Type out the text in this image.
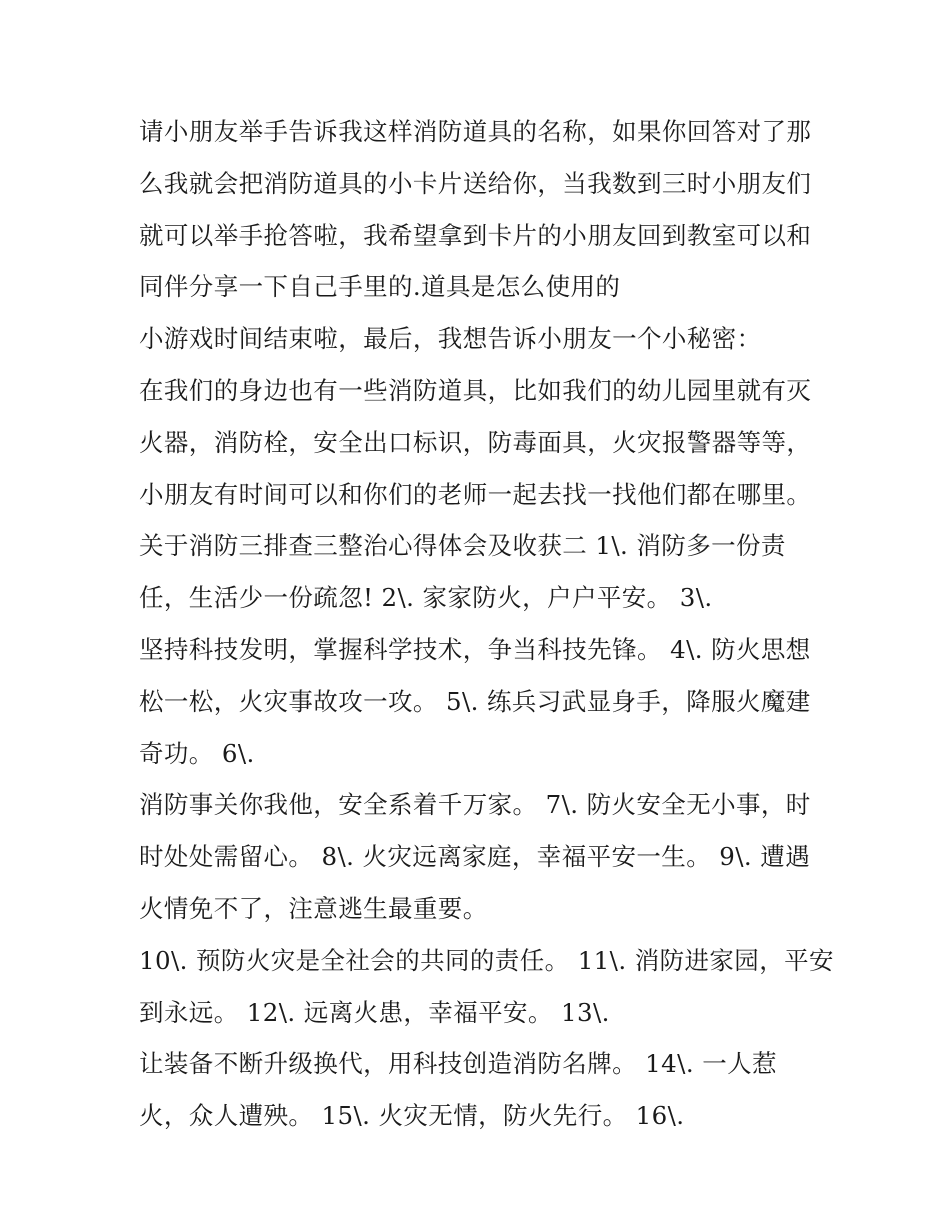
请小朋友举手告诉我这样消防道具的名称，如果你回答对了那
么我就会把消防道具的小卡片送给你，当我数到三时小朋友们
就可以举手抢答啦，我希望拿到卡片的小朋友回到教室可以和
同伴分享一下自己手里的.道具是怎么使用的
小游戏时间结束啦，最后，我想告诉小朋友一个小秘密：
在我们的身边也有一些消防道具，比如我们的幼儿园里就有灭
火器，消防栓，安全出口标识，防毒面具，火灾报警器等等，
小朋友有时间可以和你们的老师一起去找一找他们都在哪里。
关于消防三排查三整治心得体会及收获二 1\. 消防多一份责
任，生活少一份疏忽! 2\. 家家防火，户户平安。 3\.
坚持科技发明，掌握科学技术，争当科技先锋。 4\. 防火思想
松一松，火灾事故攻一攻。 5\. 练兵习武显身手，降服火魔建
奇功。 6\.
消防事关你我他，安全系着千万家。 7\. 防火安全无小事，时
时处处需留心。 8\. 火灾远离家庭，幸福平安一生。 9\. 遭遇
火情免不了，注意逃生最重要。
10\. 预防火灾是全社会的共同的责任。 11\. 消防进家园，平安
到永远。 12\. 远离火患，幸福平安。 13\.
让装备不断升级换代，用科技创造消防名牌。 14\. 一人惹
火，众人遭殃。 15\. 火灾无情，防火先行。 16\.
